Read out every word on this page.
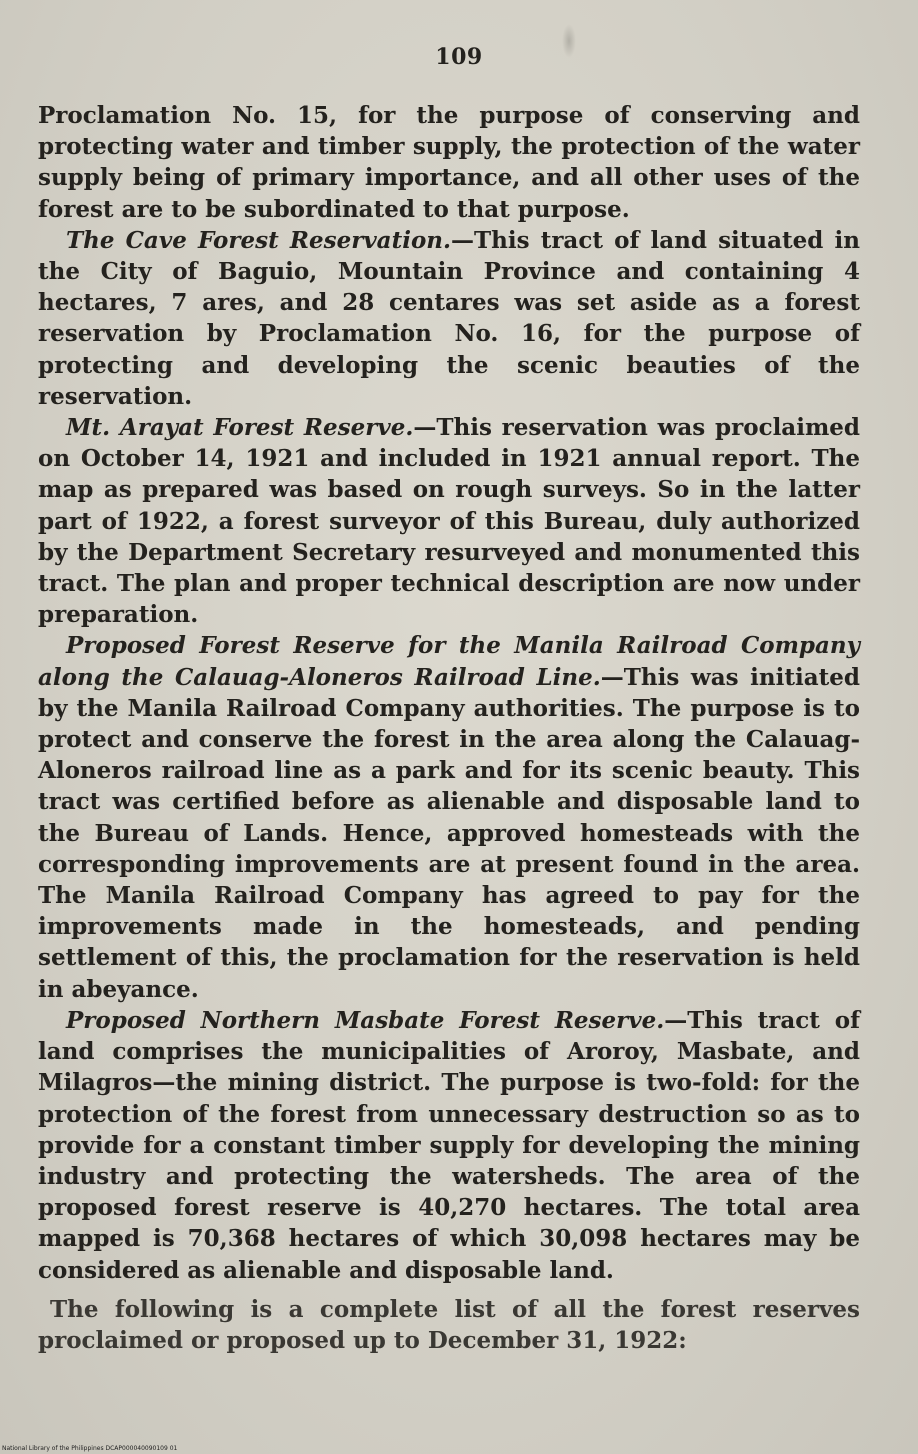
109

Proclamation No. 15, for the purpose of conserving and protecting water and timber supply, the protection of the water supply being of primary importance, and all other uses of the forest are to be subordinated to that purpose.

The Cave Forest Reservation.—This tract of land situated in the City of Baguio, Mountain Province and containing 4 hectares, 7 ares, and 28 centares was set aside as a forest reservation by Proclamation No. 16, for the purpose of protecting and developing the scenic beauties of the reservation.

Mt. Arayat Forest Reserve.—This reservation was proclaimed on October 14, 1921 and included in 1921 annual report. The map as prepared was based on rough surveys. So in the latter part of 1922, a forest surveyor of this Bureau, duly authorized by the Department Secretary resurveyed and monumented this tract. The plan and proper technical description are now under preparation.

Proposed Forest Reserve for the Manila Railroad Company along the Calauag-Aloneros Railroad Line.—This was initiated by the Manila Railroad Company authorities. The purpose is to protect and conserve the forest in the area along the Calauag-Aloneros railroad line as a park and for its scenic beauty. This tract was certified before as alienable and disposable land to the Bureau of Lands. Hence, approved homesteads with the corresponding improvements are at present found in the area. The Manila Railroad Company has agreed to pay for the improvements made in the homesteads, and pending settlement of this, the proclamation for the reservation is held in abeyance.

Proposed Northern Masbate Forest Reserve.—This tract of land comprises the municipalities of Aroroy, Masbate, and Milagros—the mining district. The purpose is two-fold: for the protection of the forest from unnecessary destruction so as to provide for a constant timber supply for developing the mining industry and protecting the watersheds. The area of the proposed forest reserve is 40,270 hectares. The total area mapped is 70,368 hectares of which 30,098 hectares may be considered as alienable and disposable land.

The following is a complete list of all the forest reserves proclaimed or proposed up to December 31, 1922:

National Library of the Philippines DCAP000040090109 01
